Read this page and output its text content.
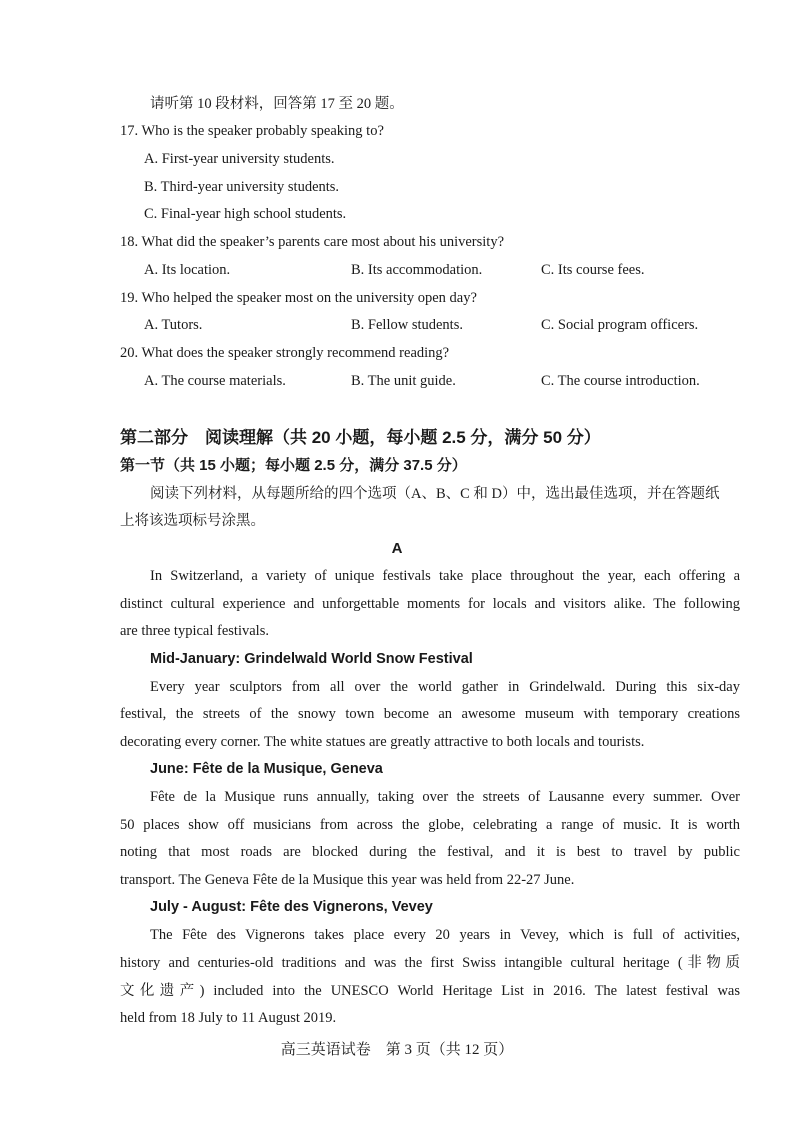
请听第 10 段材料，回答第 17 至 20 题。
17. Who is the speaker probably speaking to?
A. First-year university students.
B. Third-year university students.
C. Final-year high school students.
18. What did the speaker’s parents care most about his university?
A. Its location.	B. Its accommodation.	C. Its course fees.
19. Who helped the speaker most on the university open day?
A. Tutors.	B. Fellow students.	C. Social program officers.
20. What does the speaker strongly recommend reading?
A. The course materials.	B. The unit guide.	C. The course introduction.
第二部分　阅读理解（共 20 小题，每小题 2.5 分，满分 50 分）
第一节（共 15 小题；每小题 2.5 分，满分 37.5 分）
阅读下列材料，从每题所给的四个选项（A、B、C 和 D）中，选出最佳选项，并在答题纸
上将该选项标号涂黑。
A
In Switzerland, a variety of unique festivals take place throughout the year, each offering a
distinct cultural experience and unforgettable moments for locals and visitors alike. The following
are three typical festivals.
Mid-January: Grindelwald World Snow Festival
Every year sculptors from all over the world gather in Grindelwald. During this six-day
festival, the streets of the snowy town become an awesome museum with temporary creations
decorating every corner. The white statues are greatly attractive to both locals and tourists.
June: Fête de la Musique, Geneva
Fête de la Musique runs annually, taking over the streets of Lausanne every summer. Over
50 places show off musicians from across the globe, celebrating a range of music. It is worth
noting that most roads are blocked during the festival, and it is best to travel by public
transport. The Geneva Fête de la Musique this year was held from 22-27 June.
July - August: Fête des Vignerons, Vevey
The Fête des Vignerons takes place every 20 years in Vevey, which is full of activities,
history and centuries-old traditions and was the first Swiss intangible cultural heritage (非物质
文化遗产) included into the UNESCO World Heritage List in 2016. The latest festival was
held from 18 July to 11 August 2019.
高三英语试卷　第 3 页（共 12 页）
